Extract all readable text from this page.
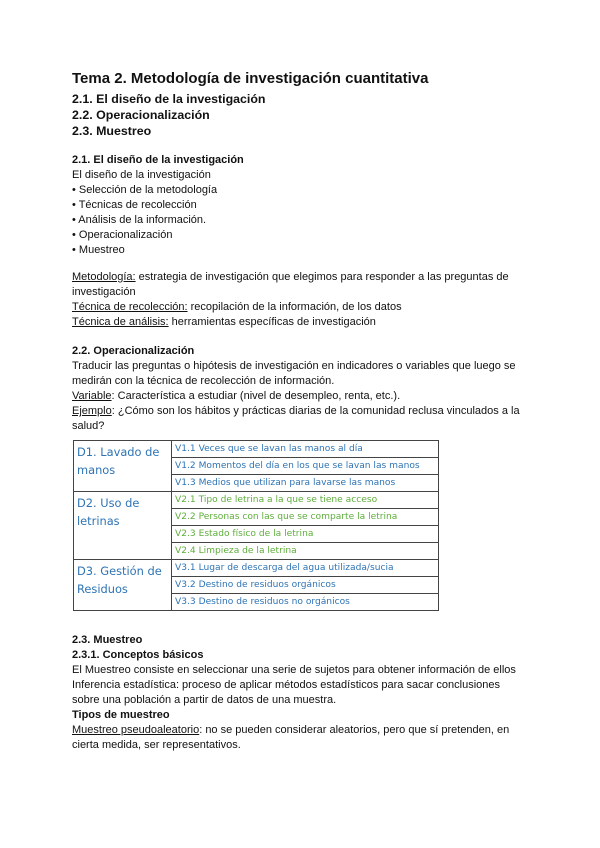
Tema 2. Metodología de investigación cuantitativa
2.1. El diseño de la investigación
2.2. Operacionalización
2.3. Muestreo
2.1. El diseño de la investigación
El diseño de la investigación
• Selección de la metodología
• Técnicas de recolección
• Análisis de la información.
• Operacionalización
• Muestreo
Metodología: estrategia de investigación que elegimos para responder a las preguntas de
investigación
Técnica de recolección: recopilación de la información, de los datos
Técnica de análisis: herramientas específicas de investigación
2.2. Operacionalización
Traducir las preguntas o hipótesis de investigación en indicadores o variables que luego se
medirán con la técnica de recolección de información.
Variable: Característica a estudiar (nivel de desempleo, renta, etc.).
Ejemplo: ¿Cómo son los hábitos y prácticas diarias de la comunidad reclusa vinculados a la
salud?
D1. Lavado de
manos	V1.1 Veces que se lavan las manos al día
	V1.2 Momentos del día en los que se lavan las manos
	V1.3 Medios que utilizan para lavarse las manos
D2. Uso de
letrinas	V2.1 Tipo de letrina a la que se tiene acceso
	V2.2 Personas con las que se comparte la letrina
	V2.3 Estado físico de la letrina
	V2.4 Limpieza de la letrina
D3. Gestión de
Residuos	V3.1 Lugar de descarga del agua utilizada/sucia
	V3.2 Destino de residuos orgánicos
	V3.3 Destino de residuos no orgánicos
2.3. Muestreo
2.3.1. Conceptos básicos
El Muestreo consiste en seleccionar una serie de sujetos para obtener información de ellos
Inferencia estadística: proceso de aplicar métodos estadísticos para sacar conclusiones
sobre una población a partir de datos de una muestra.
Tipos de muestreo
Muestreo pseudoaleatorio: no se pueden considerar aleatorios, pero que sí pretenden, en
cierta medida, ser representativos.
